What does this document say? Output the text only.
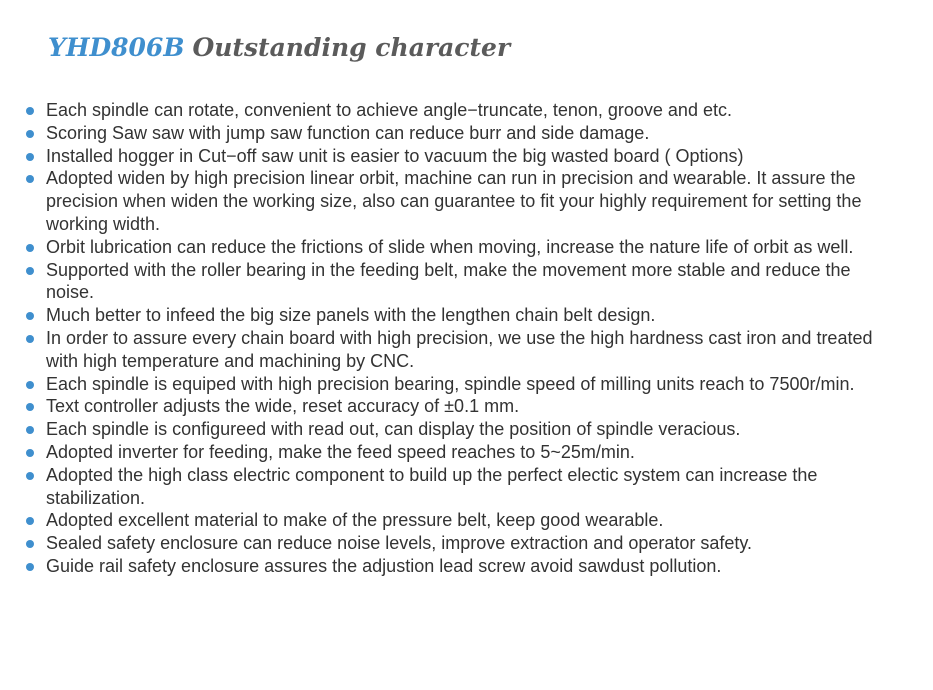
YHD806B Outstanding character
Each spindle can rotate, convenient to achieve angle−truncate, tenon, groove and etc.
Scoring Saw saw with jump saw function can reduce burr and side damage.
Installed hogger in Cut−off saw unit is easier to vacuum the big wasted board ( Options)
Adopted widen by high precision linear orbit, machine can run in precision and wearable. It assure the precision when widen the working size, also can guarantee to fit your highly requirement for setting the working width.
Orbit lubrication can reduce the frictions of slide when moving, increase the nature life of orbit as well.
Supported with the roller bearing in the feeding belt, make the movement more stable and reduce the noise.
Much better to infeed the big size panels with the lengthen chain belt design.
In order to assure every chain board with high precision, we use the high hardness cast iron and treated with high temperature and machining by CNC.
Each spindle is equiped with high precision bearing, spindle speed of milling units reach to 7500r/min.
Text controller adjusts the wide, reset accuracy of ±0.1 mm.
Each spindle is configureed with read out, can display the position of spindle veracious.
Adopted inverter for feeding, make the feed speed reaches to 5~25m/min.
Adopted the high class electric component to build up the perfect electic system can increase the stabilization.
Adopted excellent material to make of the pressure belt, keep good wearable.
Sealed safety enclosure can reduce noise levels, improve extraction and operator safety.
Guide rail safety enclosure assures the adjustion lead screw avoid sawdust pollution.
